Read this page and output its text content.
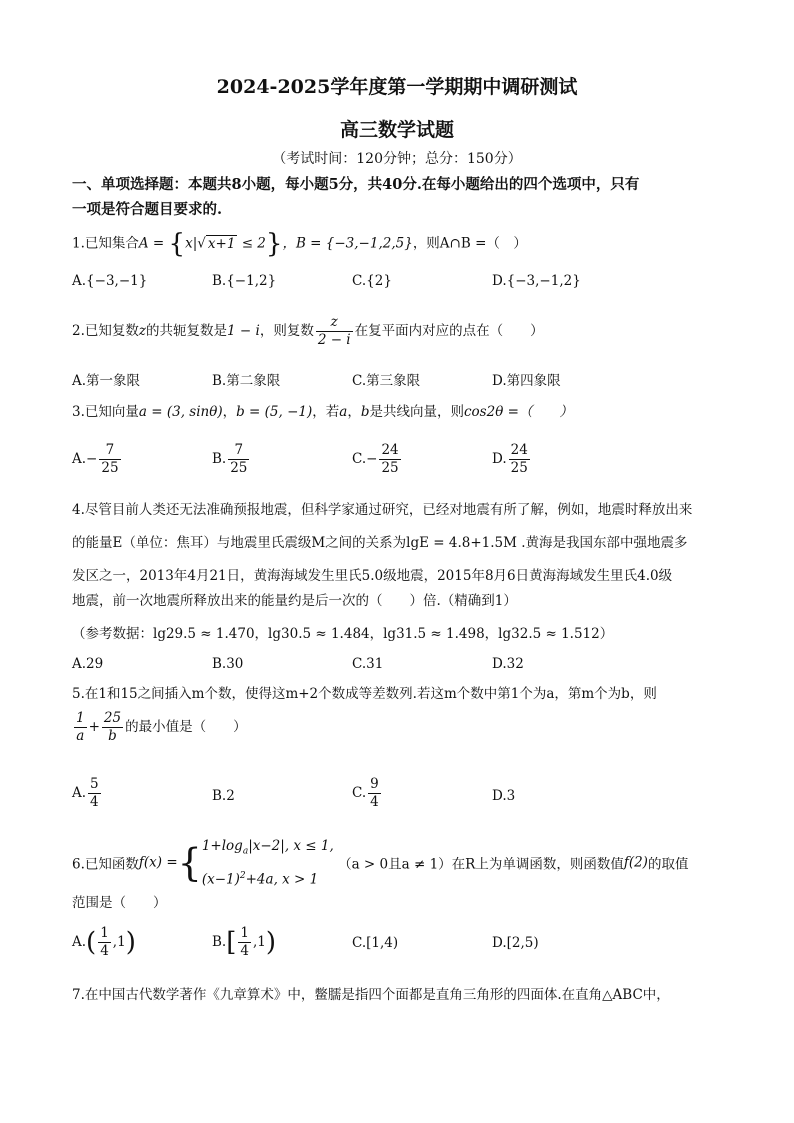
2024-2025学年度第一学期期中调研测试
高三数学试题
（考试时间：120分钟；总分：150分）
一、单项选择题：本题共8小题，每小题5分，共40分.在每小题给出的四个选项中，只有
一项是符合题目要求的.
1.已知集合A = {x|√ x+1 ≤ 2}，B = {−3,−1,2,5}，则A∩B =（　）
A.{−3,−1}	B.{−1,2}	C.{2}	D.{−3,−1,2}
2.已知复数z的共轭复数是1 − i，则复数 $\frac{z}{2 - i}$ 在复平面内对应的点在（　　）
A.第一象限	B.第二象限	C.第三象限	D.第四象限
3.已知向量a = (3, sinθ)，b = (5, −1)，若a，b是共线向量，则cos2θ =（　　）
$A.- \frac{7}{25}$	B. $\frac{7}{25}$	$C.- \frac{24}{25}$	D. $\frac{24}{25}$
4.尽管目前人类还无法准确预报地震，但科学家通过研究，已经对地震有所了解，例如，地震时释放出来
的能量E（单位：焦耳）与地震里氏震级M之间的关系为lgE = 4.8+1.5M .黄海是我国东部中强地震多
发区之一，2013年4月21日，黄海海域发生里氏5.0级地震，2015年8月6日黄海海域发生里氏4.0级
地震，前一次地震所释放出来的能量约是后一次的（　　）倍.（精确到1）
（参考数据：lg29.5 ≈ 1.470，lg30.5 ≈ 1.484，lg31.5 ≈ 1.498，lg32.5 ≈ 1.512）
A.29	B.30	C.31	D.32
5.在1和15之间插入m个数，使得这m+2个数成等差数列.若这m个数中第1个为a，第m个为b，则
$\frac{1}{a} + \frac{25}{b}$ 的最小值是（　　）
A. $\frac{5}{4}$	B.2	C. $\frac{9}{4}$	D.3
6.已知函数f(x) ={ $1+\log_a|x-2|$, x ≤ 1,
$(x-1)^2+4a$, x > 1
（a > 0且a ≠ 1）在R上为单调函数，则函数值f(2)的取值
范围是（　　）
$A.( \frac{1}{4} ,1)$	$B.[ \frac{1}{4} ,1)$	C.[1,4)	D.[2,5)
7.在中国古代数学著作《九章算术》中，鳖臑是指四个面都是直角三角形的四面体.在直角△ABC中，
